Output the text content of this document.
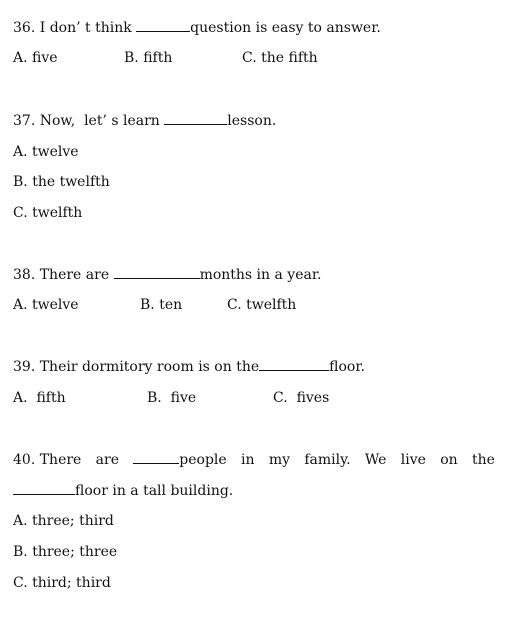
36. I don’ t think	question is easy to answer.
A. five	B. fifth	C. the fifth
37. Now,  let’ s learn	lesson.
A. twelve
B. the twelfth
C. twelfth
38. There are	months in a year.
A. twelve	B. ten	C. twelfth
39. Their dormitory room is on the	floor.
A.  fifth	B.  five	C.  fives
40. There are	people in my family. We live on the
floor in a tall building.
A. three; third
B. three; three
C. third; third
